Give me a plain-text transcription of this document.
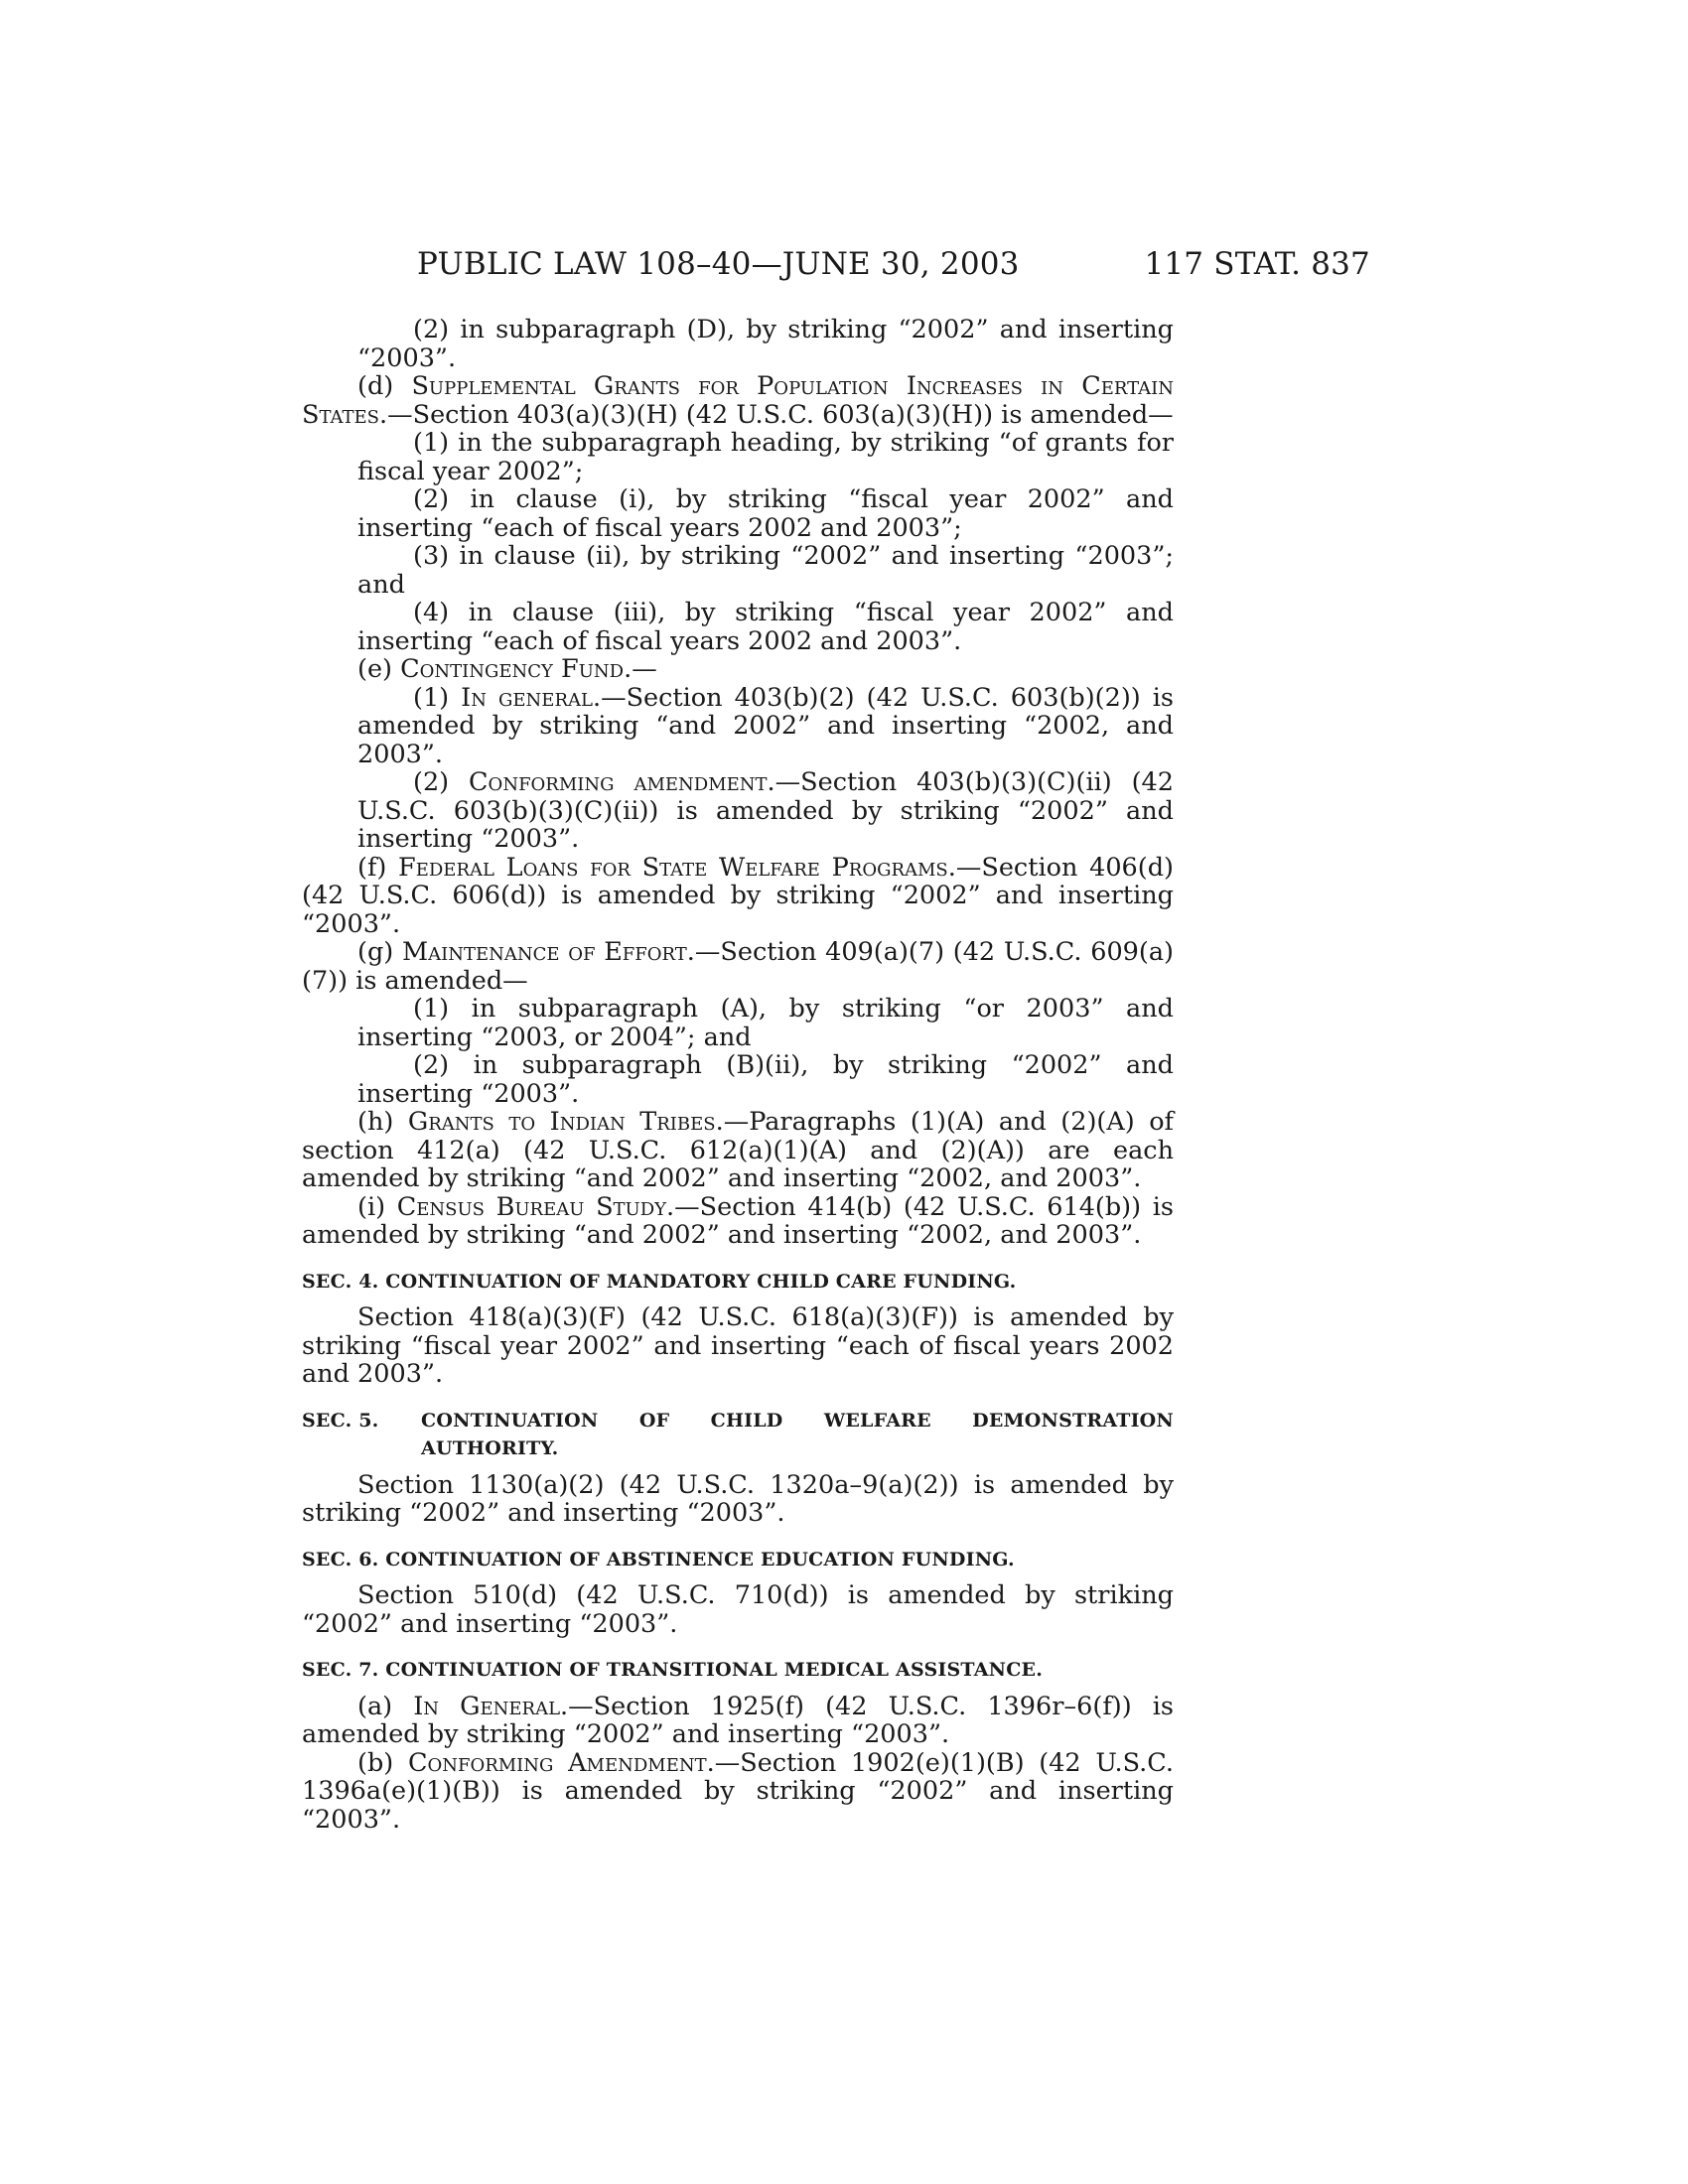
PUBLIC LAW 108–40—JUNE 30, 2003	117 STAT. 837

(2) in subparagraph (D), by striking “2002” and inserting “2003”.

(d) Supplemental Grants for Population Increases in Certain States.—Section 403(a)(3)(H) (42 U.S.C. 603(a)(3)(H)) is amended—

(1) in the subparagraph heading, by striking “of grants for fiscal year 2002”;

(2) in clause (i), by striking “fiscal year 2002” and inserting “each of fiscal years 2002 and 2003”;

(3) in clause (ii), by striking “2002” and inserting “2003”; and

(4) in clause (iii), by striking “fiscal year 2002” and inserting “each of fiscal years 2002 and 2003”.

(e) Contingency Fund.—

(1) In general.—Section 403(b)(2) (42 U.S.C. 603(b)(2)) is amended by striking “and 2002” and inserting “2002, and 2003”.

(2) Conforming amendment.—Section 403(b)(3)(C)(ii) (42 U.S.C. 603(b)(3)(C)(ii)) is amended by striking “2002” and inserting “2003”.

(f) Federal Loans for State Welfare Programs.—Section 406(d) (42 U.S.C. 606(d)) is amended by striking “2002” and inserting “2003”.

(g) Maintenance of Effort.—Section 409(a)(7) (42 U.S.C. 609(a)(7)) is amended—

(1) in subparagraph (A), by striking “or 2003” and inserting “2003, or 2004”; and

(2) in subparagraph (B)(ii), by striking “2002” and inserting “2003”.

(h) Grants to Indian Tribes.—Paragraphs (1)(A) and (2)(A) of section 412(a) (42 U.S.C. 612(a)(1)(A) and (2)(A)) are each amended by striking “and 2002” and inserting “2002, and 2003”.

(i) Census Bureau Study.—Section 414(b) (42 U.S.C. 614(b)) is amended by striking “and 2002” and inserting “2002, and 2003”.

SEC. 4. CONTINUATION OF MANDATORY CHILD CARE FUNDING.

Section 418(a)(3)(F) (42 U.S.C. 618(a)(3)(F)) is amended by striking “fiscal year 2002” and inserting “each of fiscal years 2002 and 2003”.

SEC. 5.	CONTINUATION OF CHILD WELFARE DEMONSTRATION AUTHORITY.

Section 1130(a)(2) (42 U.S.C. 1320a–9(a)(2)) is amended by striking “2002” and inserting “2003”.

SEC. 6. CONTINUATION OF ABSTINENCE EDUCATION FUNDING.

Section 510(d) (42 U.S.C. 710(d)) is amended by striking “2002” and inserting “2003”.

SEC. 7. CONTINUATION OF TRANSITIONAL MEDICAL ASSISTANCE.

(a) In General.—Section 1925(f) (42 U.S.C. 1396r–6(f)) is amended by striking “2002” and inserting “2003”.

(b) Conforming Amendment.—Section 1902(e)(1)(B) (42 U.S.C. 1396a(e)(1)(B)) is amended by striking “2002” and inserting “2003”.
